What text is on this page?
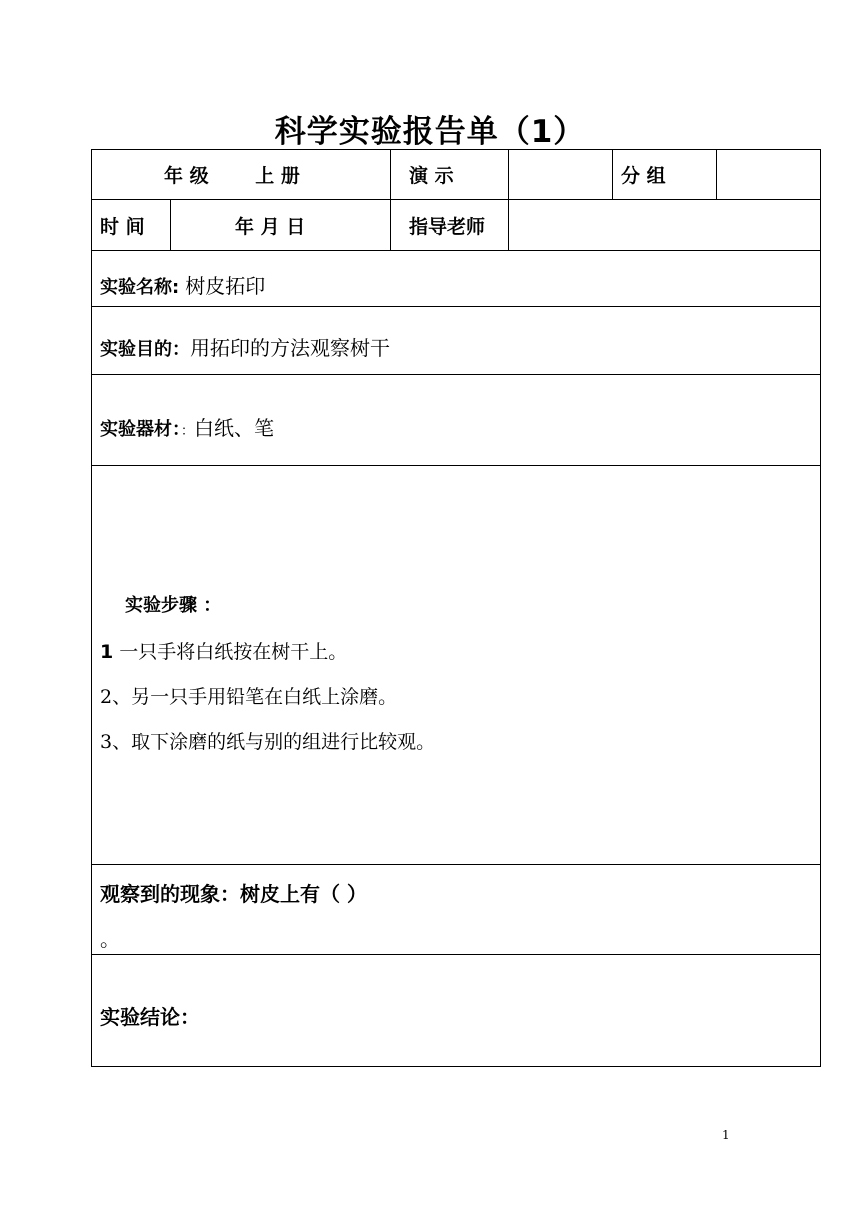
科学实验报告单（1）
年 级 上 册		演 示		分 组	
时 间	年 月 日	指导老师			

实验名称: 树皮拓印					

实验目的：用拓印的方法观察树干					

实验器材：：白纸、笔					

实验步骤 ：
1 一只手将白纸按在树干上。
2、另一只手用铅笔在白纸上涂磨。
3、取下涂磨的纸与别的组进行比较观。					

观察到的现象：树皮上有（ ）
。					

实验结论：					
1
